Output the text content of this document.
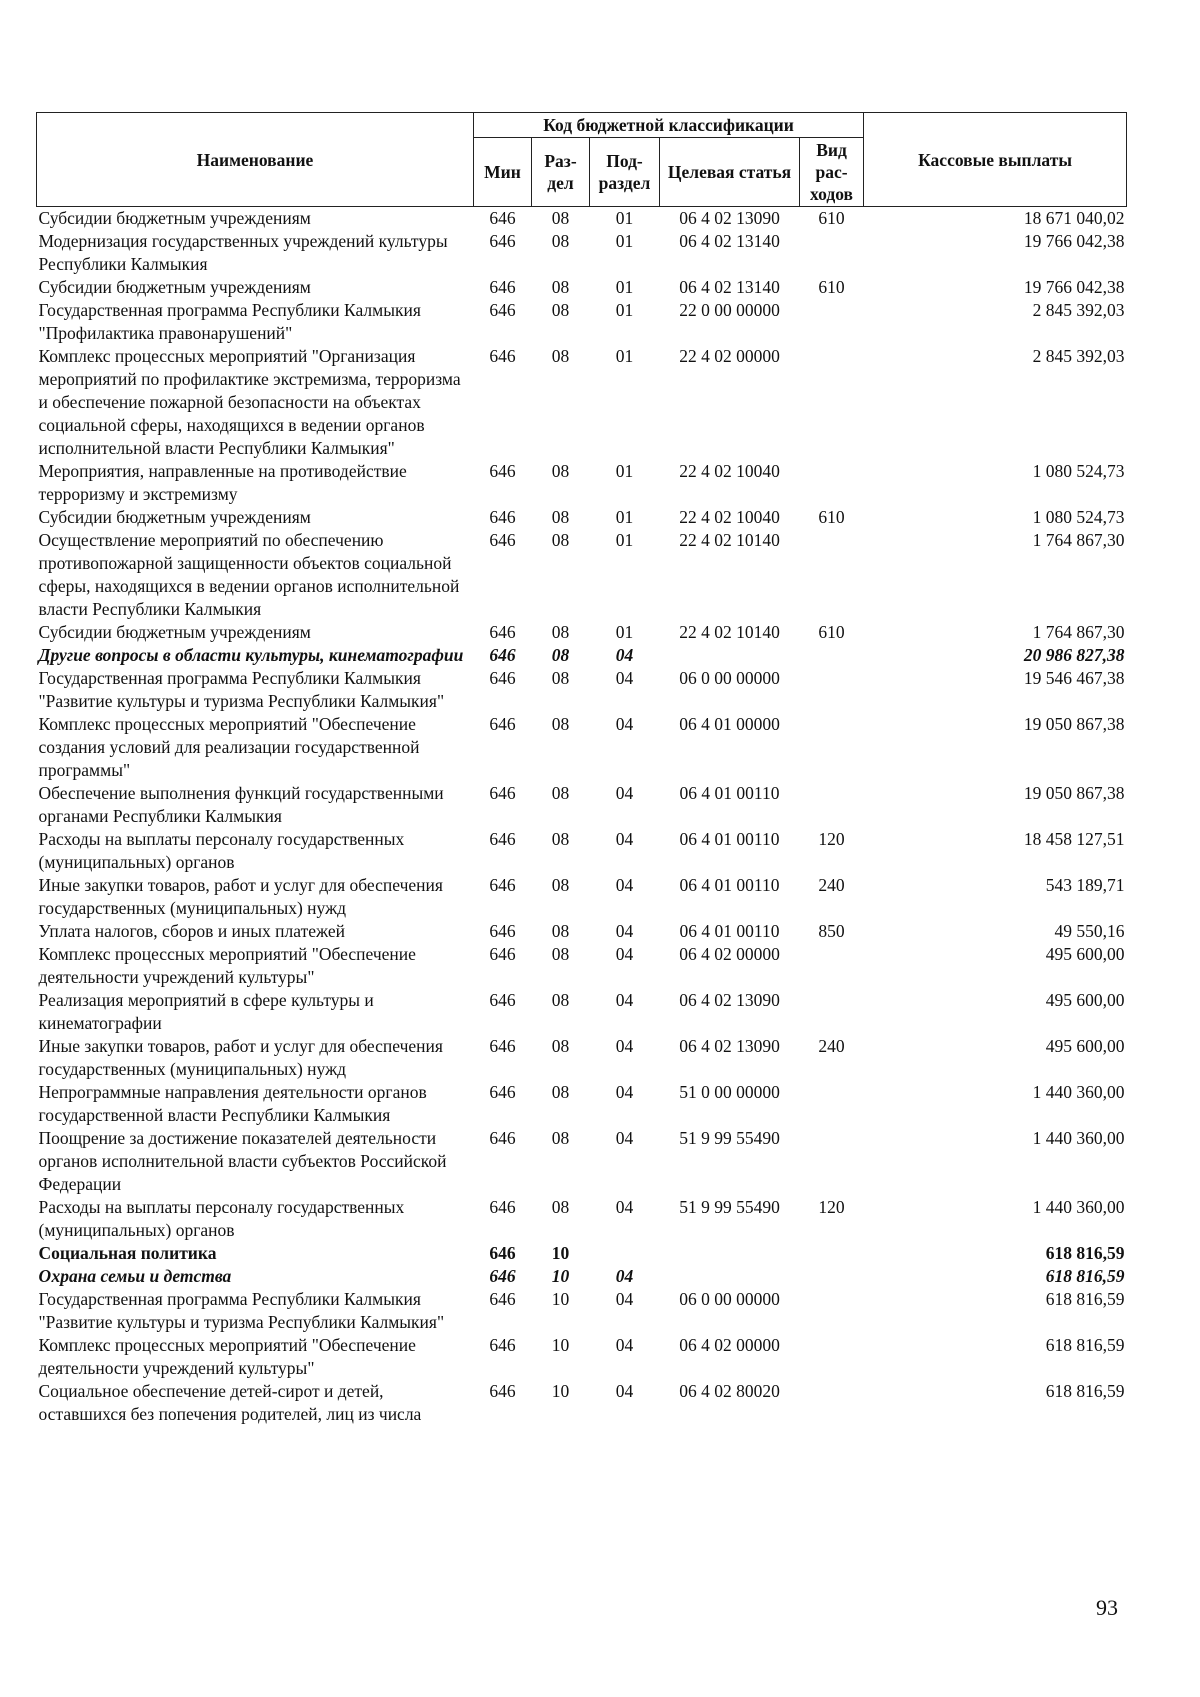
Наименование	Код бюджетной классификации					Кассовые выплаты
	Мин	Раз-дел	Под-раздел	Целевая статья	Вид рас-ходов	
Субсидии бюджетным учреждениям	646	08	01	06 4 02 13090	610	18 671 040,02
Модернизация государственных учреждений культуры Республики Калмыкия	646	08	01	06 4 02 13140		19 766 042,38
Субсидии бюджетным учреждениям	646	08	01	06 4 02 13140	610	19 766 042,38
Государственная программа Республики Калмыкия "Профилактика правонарушений"	646	08	01	22 0 00 00000		2 845 392,03
Комплекс процессных мероприятий "Организация мероприятий по профилактике экстремизма, терроризма и обеспечение пожарной безопасности на объектах социальной сферы, находящихся в ведении органов исполнительной власти Республики Калмыкия"	646	08	01	22 4 02 00000		2 845 392,03
Мероприятия, направленные на противодействие терроризму и экстремизму	646	08	01	22 4 02 10040		1 080 524,73
Субсидии бюджетным учреждениям	646	08	01	22 4 02 10040	610	1 080 524,73
Осуществление мероприятий по обеспечению противопожарной защищенности объектов социальной сферы, находящихся в ведении органов исполнительной власти Республики Калмыкия	646	08	01	22 4 02 10140		1 764 867,30
Субсидии бюджетным учреждениям	646	08	01	22 4 02 10140	610	1 764 867,30
Другие вопросы в области культуры, кинематографии	646	08	04			20 986 827,38
Государственная программа Республики Калмыкия "Развитие культуры и туризма Республики Калмыкия"	646	08	04	06 0 00 00000		19 546 467,38
Комплекс процессных мероприятий "Обеспечение создания условий для реализации государственной программы"	646	08	04	06 4 01 00000		19 050 867,38
Обеспечение выполнения функций государственными органами Республики Калмыкия	646	08	04	06 4 01 00110		19 050 867,38
Расходы на выплаты персоналу государственных (муниципальных) органов	646	08	04	06 4 01 00110	120	18 458 127,51
Иные закупки товаров, работ и услуг для обеспечения государственных (муниципальных) нужд	646	08	04	06 4 01 00110	240	543 189,71
Уплата налогов, сборов и иных платежей	646	08	04	06 4 01 00110	850	49 550,16
Комплекс процессных мероприятий "Обеспечение деятельности учреждений культуры"	646	08	04	06 4 02 00000		495 600,00
Реализация мероприятий в сфере культуры и кинематографии	646	08	04	06 4 02 13090		495 600,00
Иные закупки товаров, работ и услуг для обеспечения государственных (муниципальных) нужд	646	08	04	06 4 02 13090	240	495 600,00
Непрограммные направления деятельности органов государственной власти Республики Калмыкия	646	08	04	51 0 00 00000		1 440 360,00
Поощрение за достижение показателей деятельности органов исполнительной власти субъектов Российской Федерации	646	08	04	51 9 99 55490		1 440 360,00
Расходы на выплаты персоналу государственных (муниципальных) органов	646	08	04	51 9 99 55490	120	1 440 360,00
Социальная политика	646	10				618 816,59
Охрана семьи и детства	646	10	04			618 816,59
Государственная программа Республики Калмыкия "Развитие культуры и туризма Республики Калмыкия"	646	10	04	06 0 00 00000		618 816,59
Комплекс процессных мероприятий "Обеспечение деятельности учреждений культуры"	646	10	04	06 4 02 00000		618 816,59
Социальное обеспечение детей-сирот и детей, оставшихся без попечения родителей, лиц из числа	646	10	04	06 4 02 80020		618 816,59
93
